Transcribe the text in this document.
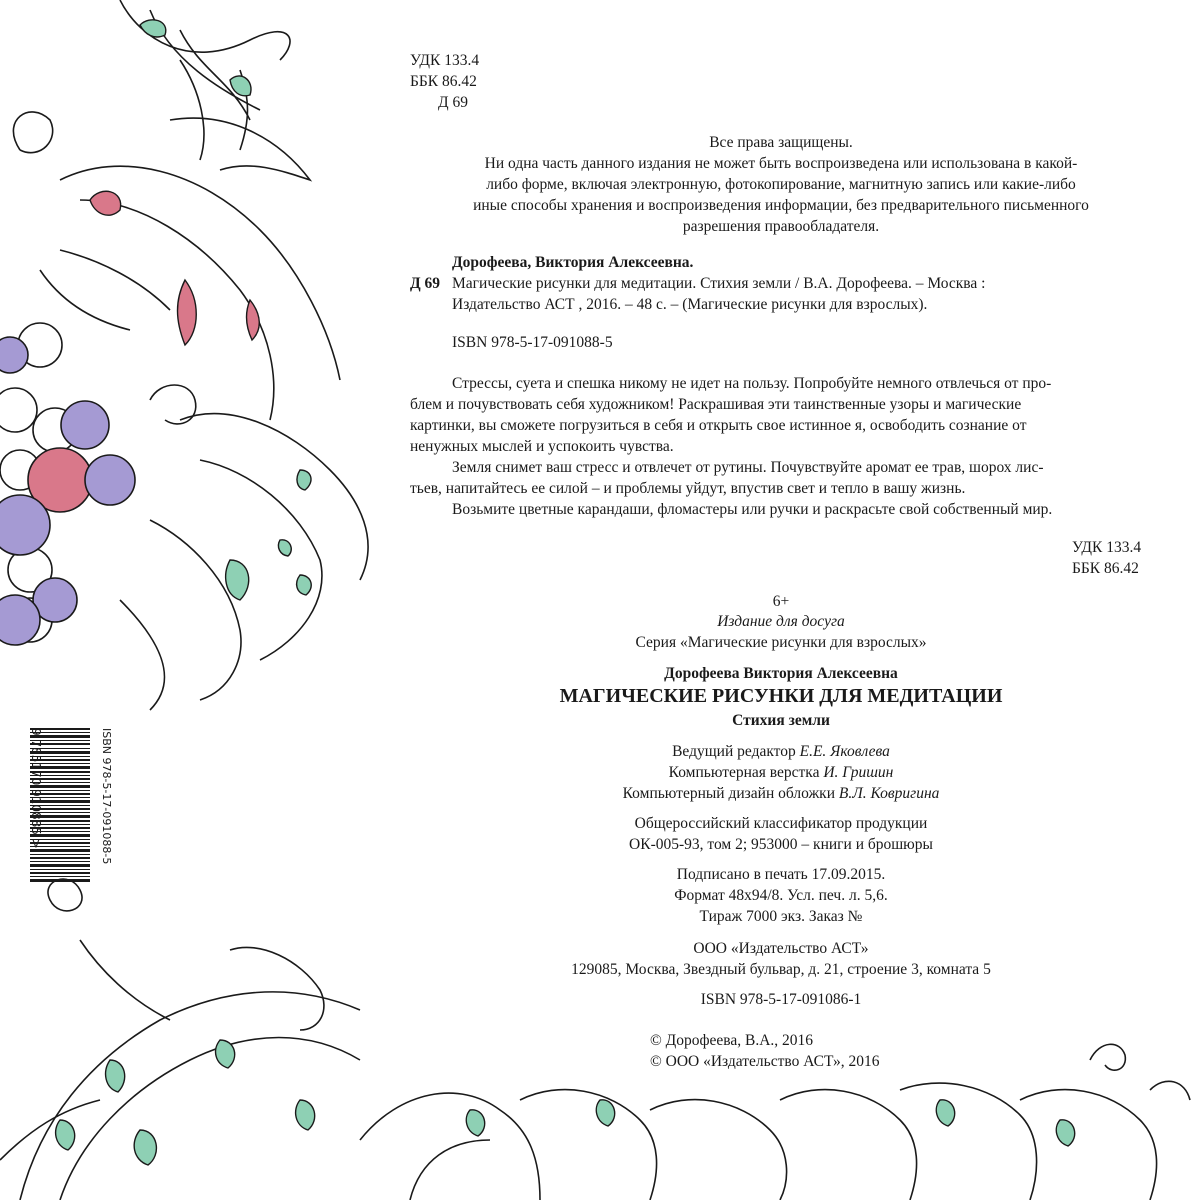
ISBN 978-5-17-091088-5
9 785170 910885 >
УДК 133.4
ББК 86.42
Д 69
Все права защищены.
Ни одна часть данного издания не может быть воспроизведена или использована в какой-
либо форме, включая электронную, фотокопирование, магнитную запись или какие-либо
иные способы хранения и воспроизведения информации, без предварительного письменного
разрешения правообладателя.
Дорофеева, Виктория Алексеевна.
Д 69 Магические рисунки для медитации. Стихия земли / В.А. Дорофеева. – Москва :
Издательство АСТ , 2016. – 48 с. – (Магические рисунки для взрослых).
ISBN 978-5-17-091088-5
Стрессы, суета и спешка никому не идет на пользу. Попробуйте немного отвлечься от про-
блем и почувствовать себя художником! Раскрашивая эти таинственные узоры и магические
картинки, вы сможете погрузиться в себя и открыть свое истинное я, освободить сознание от
ненужных мыслей и успокоить чувства.
Земля снимет ваш стресс и отвлечет от рутины. Почувствуйте аромат ее трав, шорох лис-
тьев, напитайтесь ее силой – и проблемы уйдут, впустив свет и тепло в вашу жизнь.
Возьмите цветные карандаши, фломастеры или ручки и раскрасьте свой собственный мир.
УДК 133.4
ББК 86.42
6+
Издание для досуга
Серия «Магические рисунки для взрослых»
Дорофеева Виктория Алексеевна
МАГИЧЕСКИЕ РИСУНКИ ДЛЯ МЕДИТАЦИИ
Стихия земли
Ведущий редактор Е.Е. Яковлева
Компьютерная верстка И. Гришин
Компьютерный дизайн обложки В.Л. Ковригина
Общероссийский классификатор продукции
ОК-005-93, том 2; 953000 – книги и брошюры
Подписано в печать 17.09.2015.
Формат 48х94/8. Усл. печ. л. 5,6.
Тираж 7000 экз. Заказ №
ООО «Издательство АСТ»
129085, Москва, Звездный бульвар, д. 21, строение 3, комната 5
ISBN 978-5-17-091086-1
© Дорофеева, В.А., 2016
© ООО «Издательство АСТ», 2016
